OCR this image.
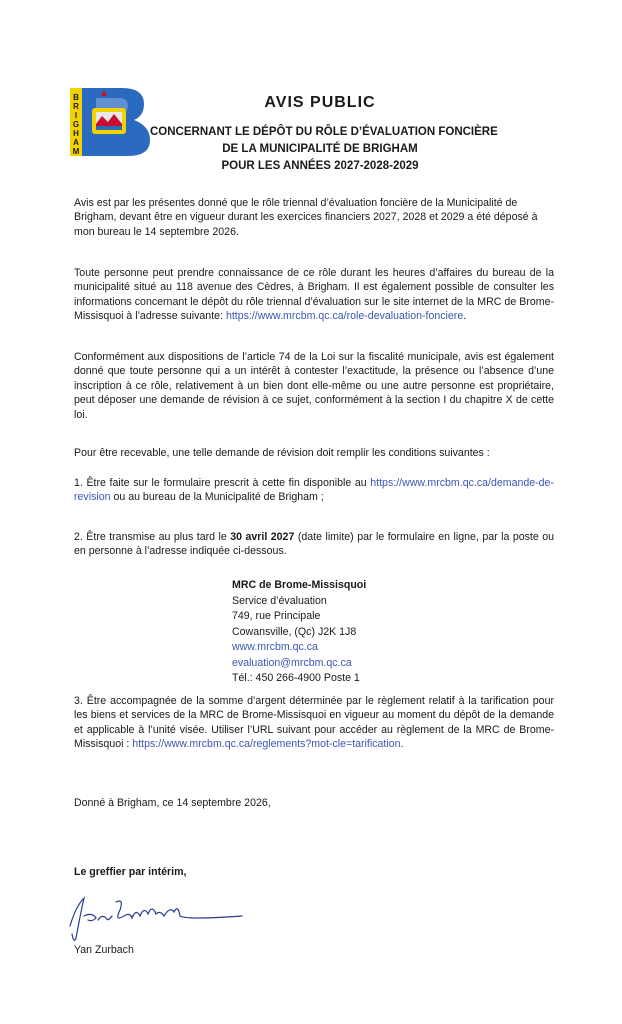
B
R
I
G
H
A
M
AVIS PUBLIC
CONCERNANT LE DÉPÔT DU RÔLE D’ÉVALUATION FONCIÈRE
DE LA MUNICIPALITÉ DE BRIGHAM
POUR LES ANNÉES 2027-2028-2029

Avis est par les présentes donné que le rôle triennal d’évaluation foncière de la Municipalité de Brigham, devant être en vigueur durant les exercices financiers 2027, 2028 et 2029 a été déposé à mon bureau le 14 septembre 2026.

Toute personne peut prendre connaissance de ce rôle durant les heures d’affaires du bureau de la municipalité situé au 118 avenue des Cèdres, à Brigham. Il est également possible de consulter les informations concernant le dépôt du rôle triennal d’évaluation sur le site internet de la MRC de Brome-Missisquoi à l’adresse suivante: https://www.mrcbm.qc.ca/role-devaluation-fonciere.

Conformément aux dispositions de l’article 74 de la Loi sur la fiscalité municipale, avis est également donné que toute personne qui a un intérêt à contester l’exactitude, la présence ou l’absence d’une inscription à ce rôle, relativement à un bien dont elle-même ou une autre personne est propriétaire, peut déposer une demande de révision à ce sujet, conformément à la section I du chapitre X de cette loi.

Pour être recevable, une telle demande de révision doit remplir les conditions suivantes :

1. Être faite sur le formulaire prescrit à cette fin disponible au https://www.mrcbm.qc.ca/demande-de-revision ou au bureau de la Municipalité de Brigham ;

2. Être transmise au plus tard le 30 avril 2027 (date limite) par le formulaire en ligne, par la poste ou en personne à l’adresse indiquée ci-dessous.

MRC de Brome-Missisquoi
Service d’évaluation
749, rue Principale
Cowansville, (Qc) J2K 1J8
www.mrcbm.qc.ca
evaluation@mrcbm.qc.ca
Tél.: 450 266-4900 Poste 1

3. Être accompagnée de la somme d’argent déterminée par le règlement relatif à la tarification pour les biens et services de la MRC de Brome-Missisquoi en vigueur au moment du dépôt de la demande et applicable à l’unité visée. Utiliser l’URL suivant pour accéder au règlement de la MRC de Brome-Missisquoi : https://www.mrcbm.qc.ca/reglements?mot-cle=tarification.

Donné à Brigham, ce 14 septembre 2026,

Le greffier par intérim,

Yan Zurbach
